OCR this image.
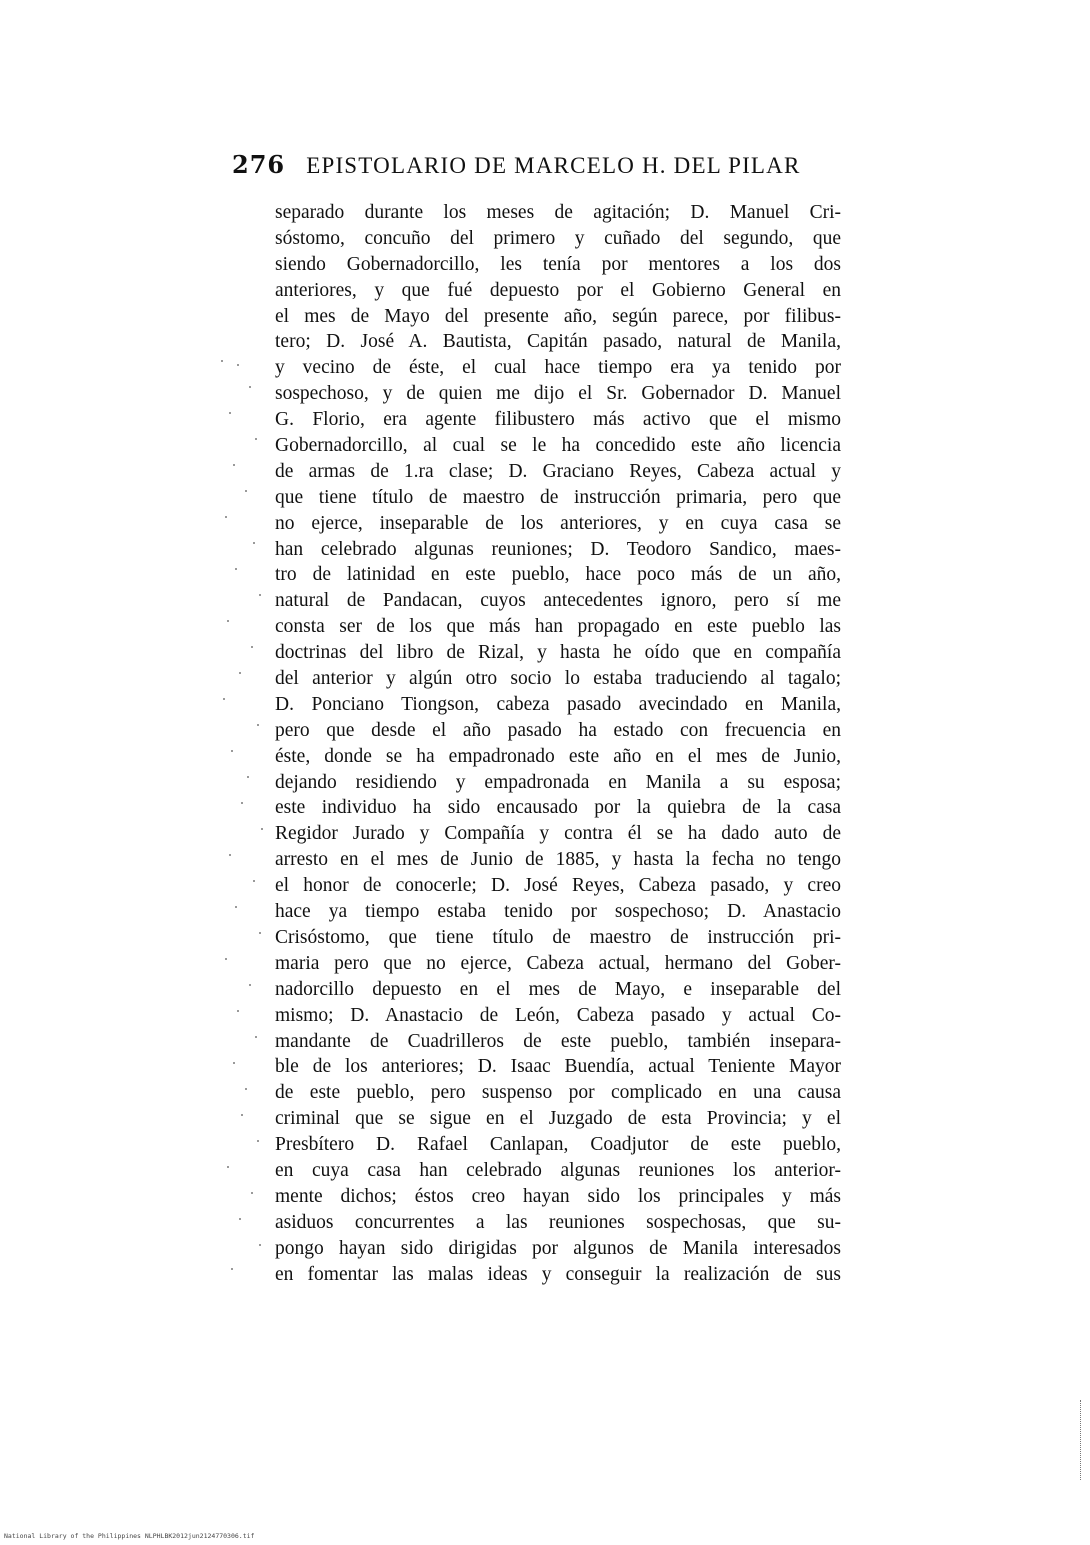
276 EPISTOLARIO DE MARCELO H. DEL PILAR
separado durante los meses de agitación; D. Manuel Cri-
sóstomo, concuño del primero y cuñado del segundo, que
siendo Gobernadorcillo, les tenía por mentores a los dos
anteriores, y que fué depuesto por el Gobierno General en
el mes de Mayo del presente año, según parece, por filibus-
tero; D. José A. Bautista, Capitán pasado, natural de Manila,
y vecino de éste, el cual hace tiempo era ya tenido por
sospechoso, y de quien me dijo el Sr. Gobernador D. Manuel
G. Florio, era agente filibustero más activo que el mismo
Gobernadorcillo, al cual se le ha concedido este año licencia
de armas de 1.ra clase; D. Graciano Reyes, Cabeza actual y
que tiene título de maestro de instrucción primaria, pero que
no ejerce, inseparable de los anteriores, y en cuya casa se
han celebrado algunas reuniones; D. Teodoro Sandico, maes-
tro de latinidad en este pueblo, hace poco más de un año,
natural de Pandacan, cuyos antecedentes ignoro, pero sí me
consta ser de los que más han propagado en este pueblo las
doctrinas del libro de Rizal, y hasta he oído que en compañía
del anterior y algún otro socio lo estaba traduciendo al tagalo;
D. Ponciano Tiongson, cabeza pasado avecindado en Manila,
pero que desde el año pasado ha estado con frecuencia en
éste, donde se ha empadronado este año en el mes de Junio,
dejando residiendo y empadronada en Manila a su esposa;
este individuo ha sido encausado por la quiebra de la casa
Regidor Jurado y Compañía y contra él se ha dado auto de
arresto en el mes de Junio de 1885, y hasta la fecha no tengo
el honor de conocerle; D. José Reyes, Cabeza pasado, y creo
hace ya tiempo estaba tenido por sospechoso; D. Anastacio
Crisóstomo, que tiene título de maestro de instrucción pri-
maria pero que no ejerce, Cabeza actual, hermano del Gober-
nadorcillo depuesto en el mes de Mayo, e inseparable del
mismo; D. Anastacio de León, Cabeza pasado y actual Co-
mandante de Cuadrilleros de este pueblo, también insepara-
ble de los anteriores; D. Isaac Buendía, actual Teniente Mayor
de este pueblo, pero suspenso por complicado en una causa
criminal que se sigue en el Juzgado de esta Provincia; y el
Presbítero D. Rafael Canlapan, Coadjutor de este pueblo,
en cuya casa han celebrado algunas reuniones los anterior-
mente dichos; éstos creo hayan sido los principales y más
asiduos concurrentes a las reuniones sospechosas, que su-
pongo hayan sido dirigidas por algunos de Manila interesados
en fomentar las malas ideas y conseguir la realización de sus
National Library of the Philippines NLPHLBK2012jun2124770306.tif
